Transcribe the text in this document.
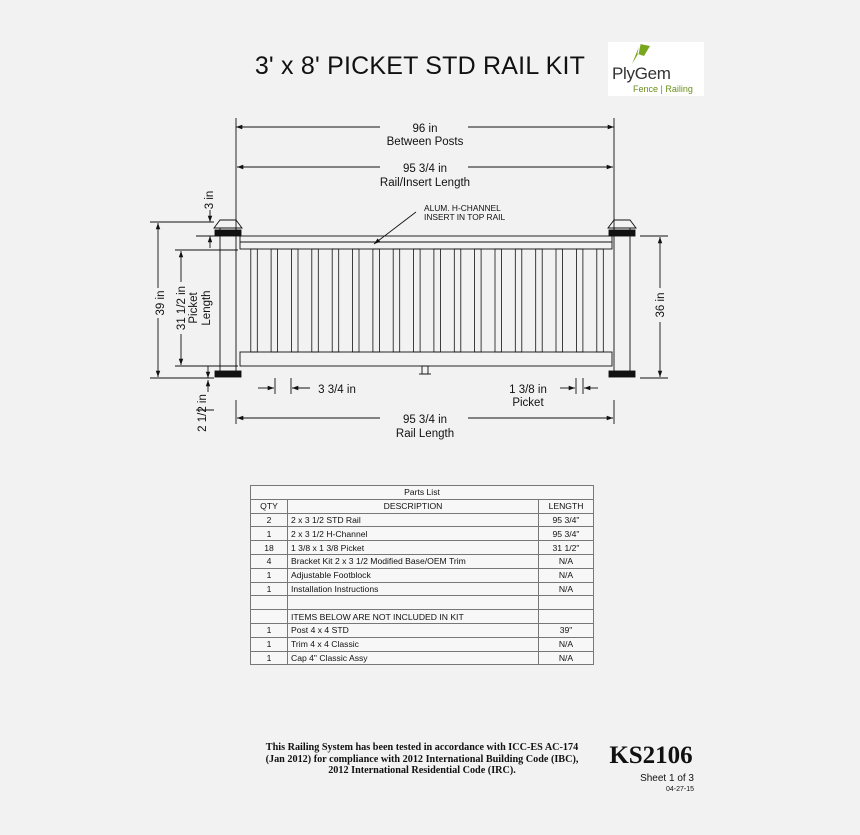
3' x 8' PICKET STD RAIL KIT	PlyGem
Fence | Railing
96 in
Between Posts
95 3/4 in
Rail/Insert Length
95 3/4 in
Rail Length
3 3/4 in	1 3/8 in
Picket
ALUM. H-CHANNEL
INSERT IN TOP RAIL
3 in
39 in 31 1/2 in Picket Length
2 1/2 in
36 in
Parts List		
QTY	DESCRIPTION	LENGTH
2	2 x 3 1/2 STD Rail	95 3/4"
1	2 x 3 1/2 H-Channel	95 3/4"
18	1 3/8 x 1 3/8 Picket	31 1/2"
4	Bracket Kit 2 x 3 1/2 Modified Base/OEM Trim	N/A
1	Adjustable Footblock	N/A
1	Installation Instructions	N/A

	ITEMS BELOW ARE NOT INCLUDED IN KIT	
1	Post 4 x 4 STD	39"
1	Trim 4 x 4 Classic	N/A
1	Cap 4" Classic Assy	N/A
This Railing System has been tested in accordance with ICC-ES AC-174
(Jan 2012) for compliance with 2012 International Building Code (IBC),
2012 International Residential Code (IRC).
KS2106
Sheet 1 of 3
04-27-15
